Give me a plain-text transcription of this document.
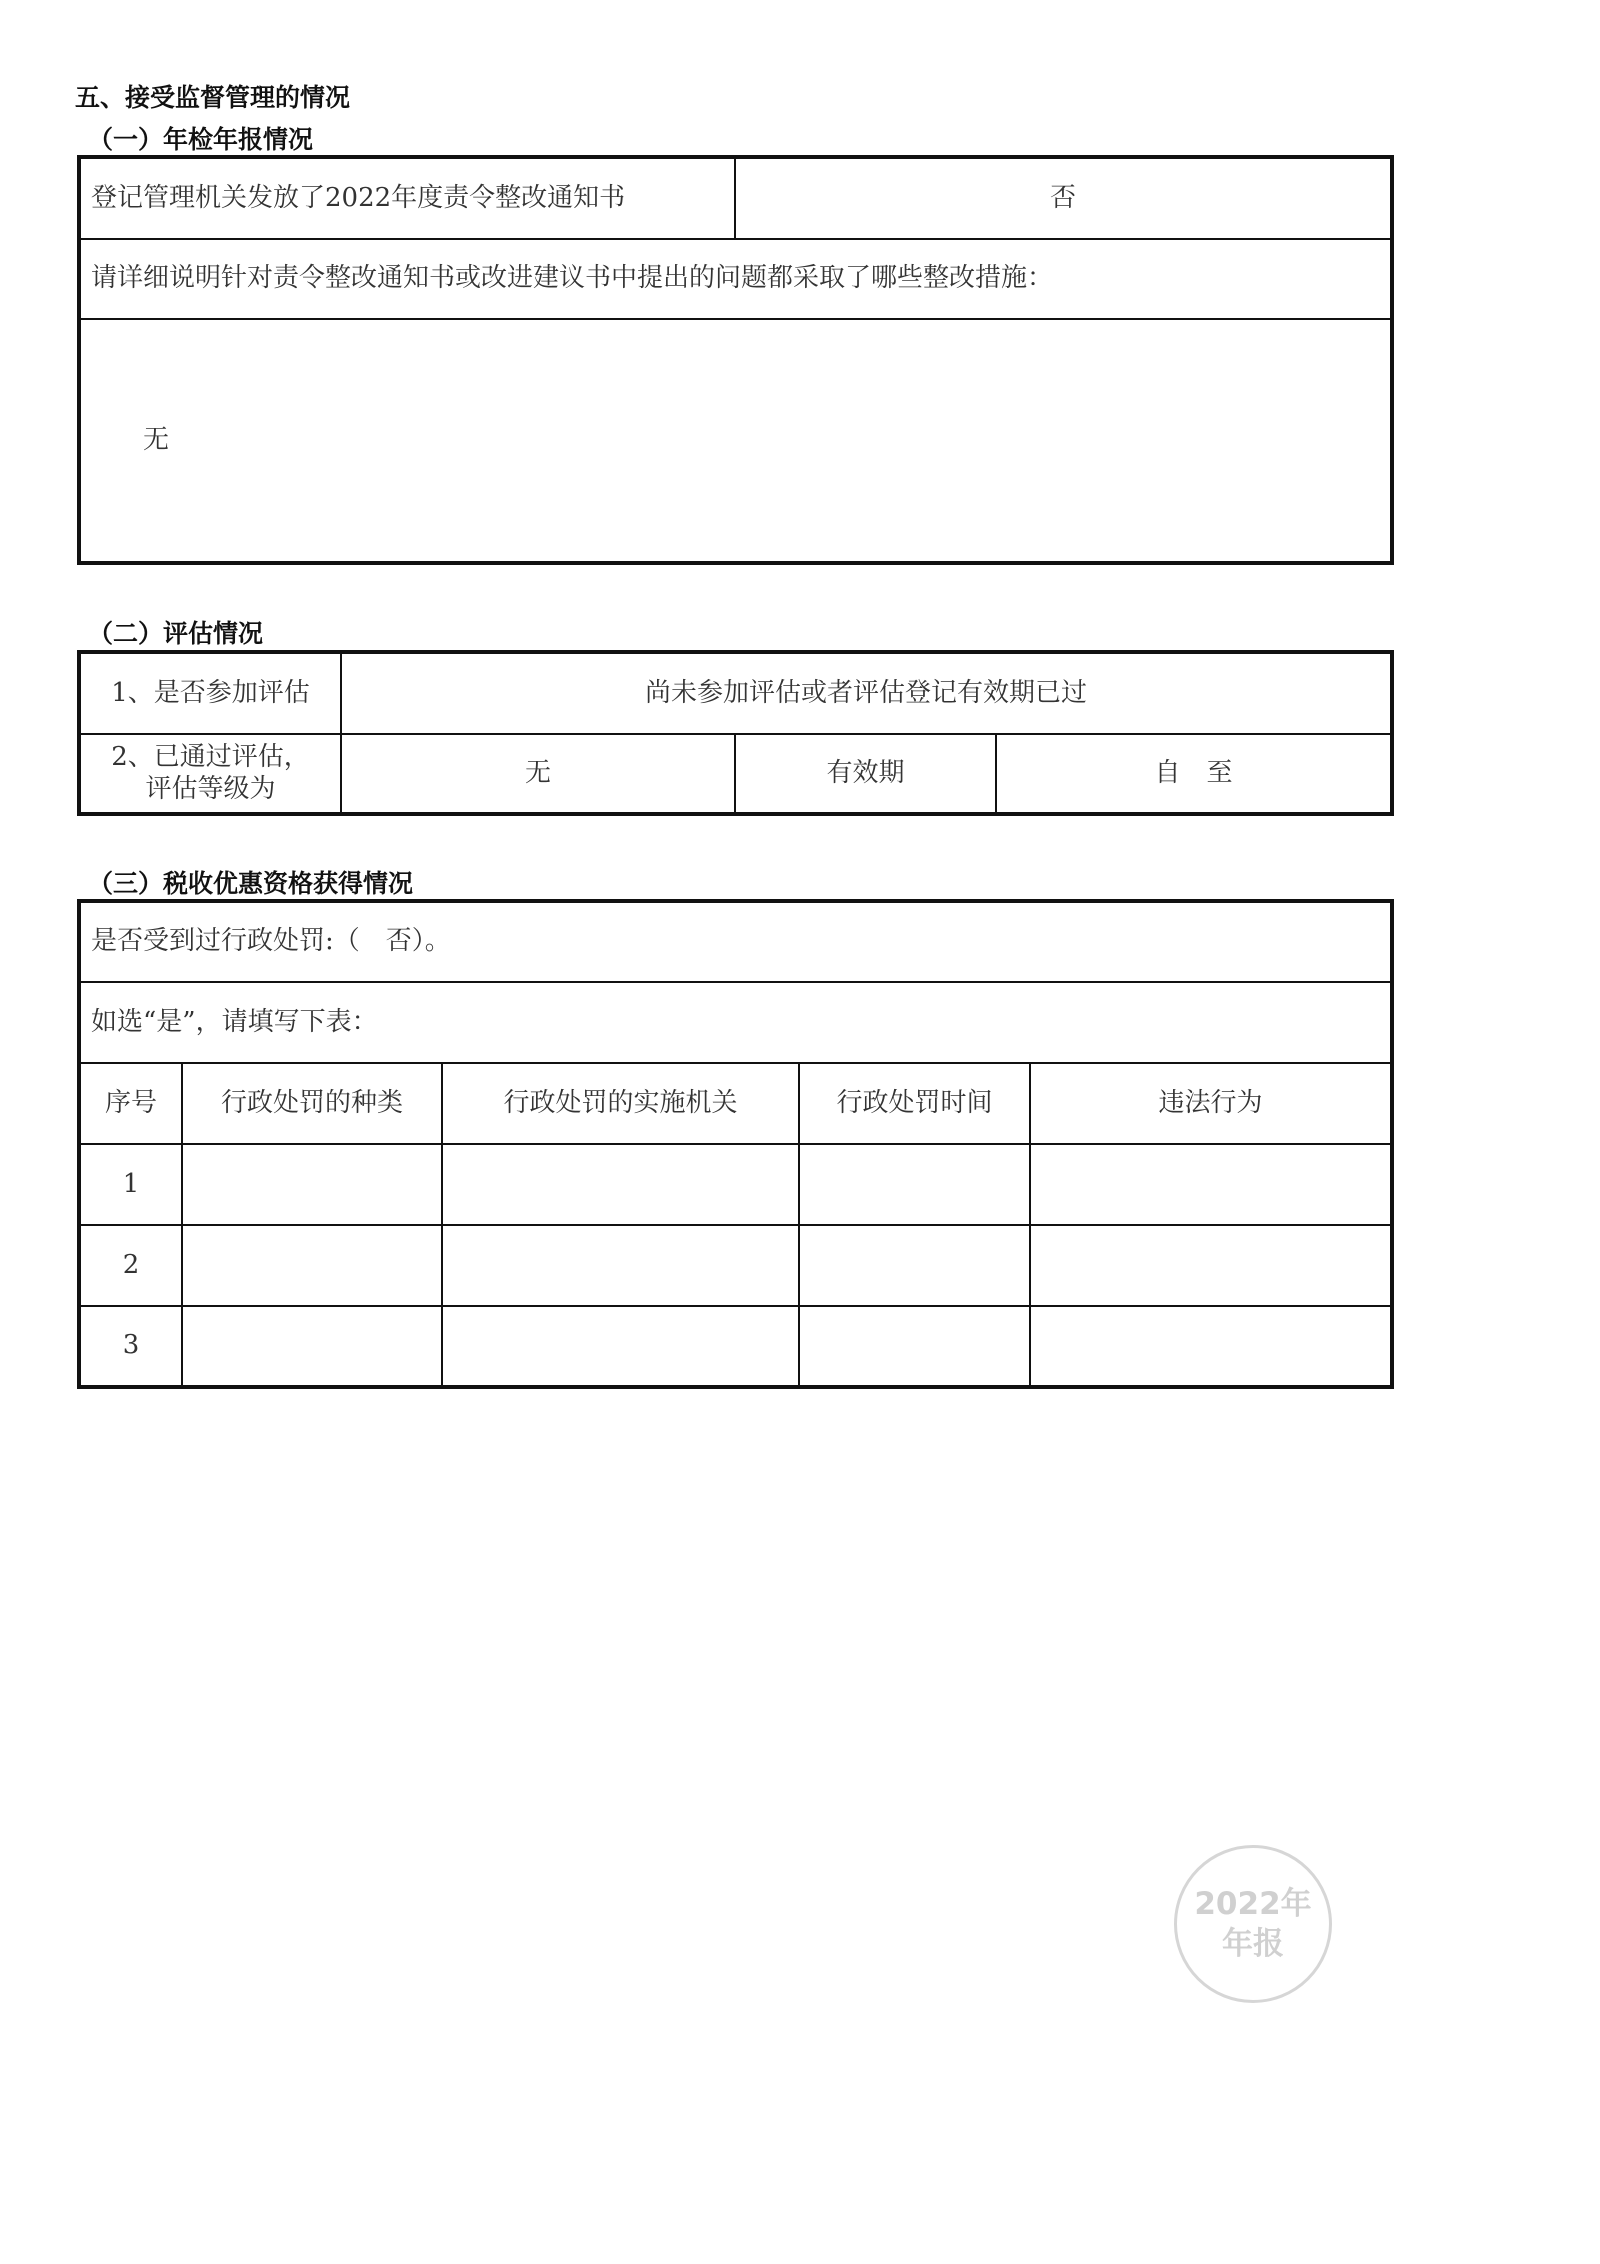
五、接受监督管理的情况
（一）年检年报情况
登记管理机关发放了2022年度责令整改通知书	否
请详细说明针对责令整改通知书或改进建议书中提出的问题都采取了哪些整改措施：
无
（二）评估情况
1、是否参加评估	尚未参加评估或者评估登记有效期已过		

2、已通过评估，
评估等级为	无	有效期	自　至
（三）税收优惠资格获得情况
是否受到过行政处罚:（　否）。				
如选“是”，请填写下表：				
序号	行政处罚的种类	行政处罚的实施机关	行政处罚时间	违法行为
1				
2				
3				
2022年
年报
